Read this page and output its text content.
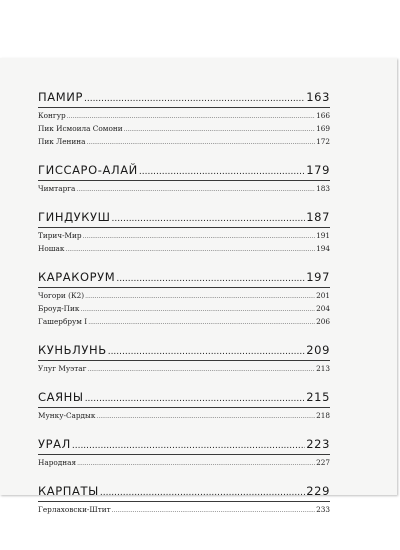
ПАМИР .....	163
Конгур .....	166
Пик Исмоила Сомони .....	169
Пик Ленина .....	172
ГИССАРО-АЛАЙ .....	179
Чимтарга .....	183
ГИНДУКУШ .....	187
Тирич-Мир .....	191
Ношак .....	194
КАРАКОРУМ .....	197
Чогори (К2) .....	201
Броуд-Пик .....	204
Гашербрум I .....	206
КУНЬЛУНЬ .....	209
Улуг Муэтаг .....	213
САЯНЫ .....	215
Мунку-Сардык .....	218
УРАЛ .....	223
Народная .....	227
КАРПАТЫ .....	229
Герлаховски-Штит .....	233
